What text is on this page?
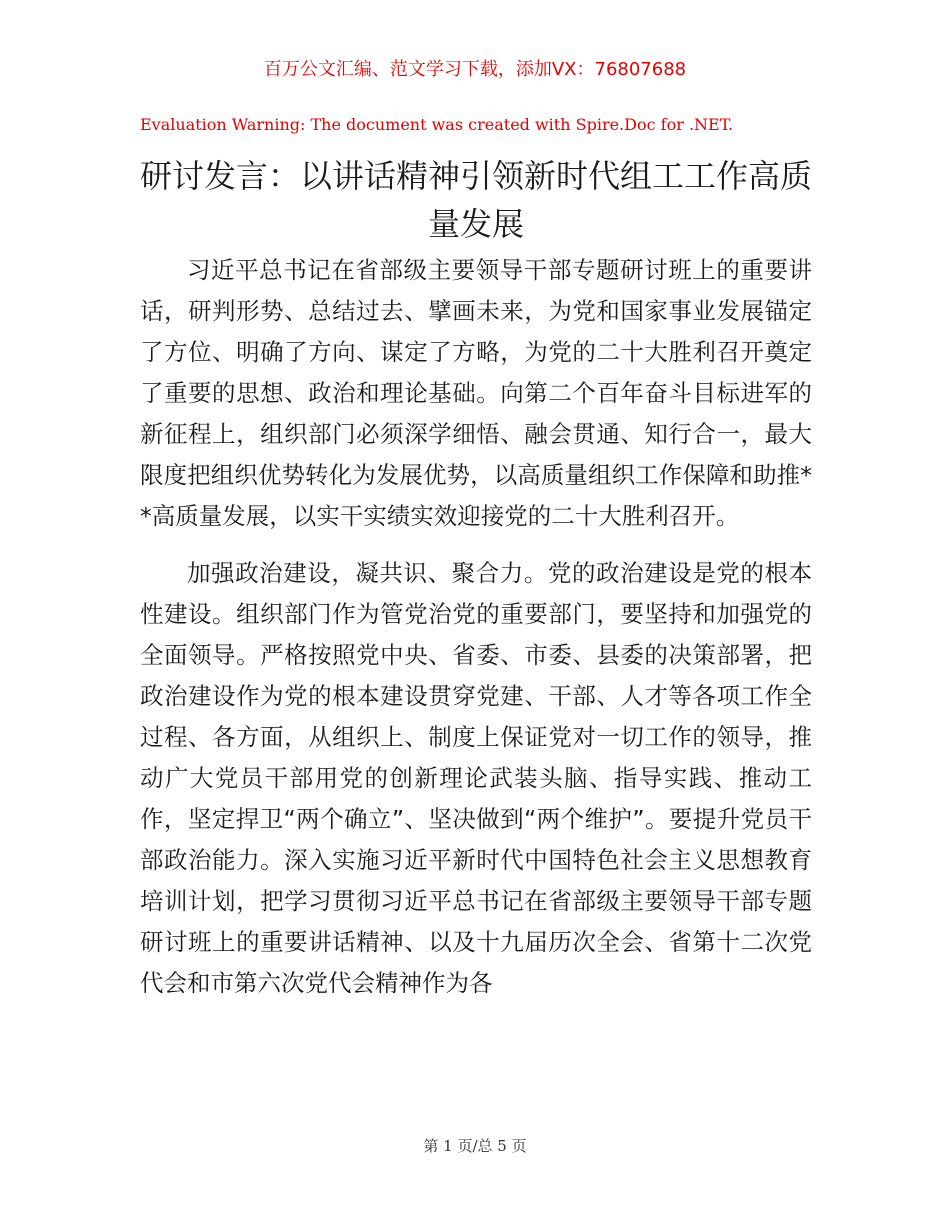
百万公文汇编、范文学习下载，添加VX：76807688
Evaluation Warning: The document was created with Spire.Doc for .NET.
研讨发言：以讲话精神引领新时代组工工作高质量发展

习近平总书记在省部级主要领导干部专题研讨班上的重要讲话，研判形势、总结过去、擘画未来，为党和国家事业发展锚定了方位、明确了方向、谋定了方略，为党的二十大胜利召开奠定了重要的思想、政治和理论基础。向第二个百年奋斗目标进军的新征程上，组织部门必须深学细悟、融会贯通、知行合一，最大限度把组织优势转化为发展优势，以高质量组织工作保障和助推**高质量发展，以实干实绩实效迎接党的二十大胜利召开。

加强政治建设，凝共识、聚合力。党的政治建设是党的根本性建设。组织部门作为管党治党的重要部门，要坚持和加强党的全面领导。严格按照党中央、省委、市委、县委的决策部署，把政治建设作为党的根本建设贯穿党建、干部、人才等各项工作全过程、各方面，从组织上、制度上保证党对一切工作的领导，推动广大党员干部用党的创新理论武装头脑、指导实践、推动工作，坚定捍卫“两个确立”、坚决做到“两个维护”。要提升党员干部政治能力。深入实施习近平新时代中国特色社会主义思想教育培训计划，把学习贯彻习近平总书记在省部级主要领导干部专题研讨班上的重要讲话精神、以及十九届历次全会、省第十二次党代会和市第六次党代会精神作为各

第 1 页/总 5 页
